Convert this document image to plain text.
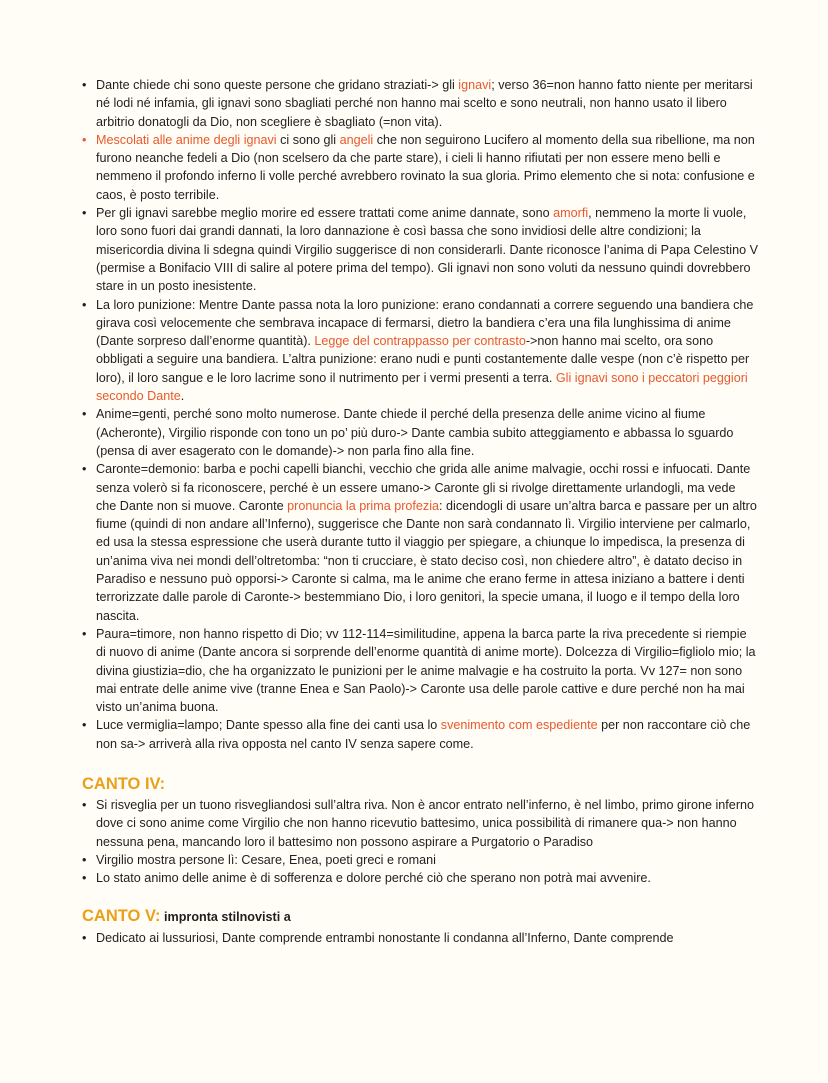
• Dante chiede chi sono queste persone che gridano straziati-> gli ignavi; verso 36=non hanno fatto niente per meritarsi né lodi né infamia, gli ignavi sono sbagliati perché non hanno mai scelto e sono neutrali, non hanno usato il libero arbitrio donatogli da Dio, non scegliere è sbagliato (=non vita).
• Mescolati alle anime degli ignavi ci sono gli angeli che non seguirono Lucifero al momento della sua ribellione, ma non furono neanche fedeli a Dio (non scelsero da che parte stare), i cieli li hanno rifiutati per non essere meno belli e nemmeno il profondo inferno li volle perché avrebbero rovinato la sua gloria. Primo elemento che si nota: confusione e caos, è posto terribile.
• Per gli ignavi sarebbe meglio morire ed essere trattati come anime dannate, sono amorfi, nemmeno la morte li vuole, loro sono fuori dai grandi dannati, la loro dannazione è così bassa che sono invidiosi delle altre condizioni; la misericordia divina li sdegna quindi Virgilio suggerisce di non considerarli. Dante riconosce l’anima di Papa Celestino V (permise a Bonifacio VIII di salire al potere prima del tempo). Gli ignavi non sono voluti da nessuno quindi dovrebbero stare in un posto inesistente.
• La loro punizione: Mentre Dante passa nota la loro punizione: erano condannati a correre seguendo una bandiera che girava così velocemente che sembrava incapace di fermarsi, dietro la bandiera c’era una fila lunghissima di anime (Dante sorpreso dall’enorme quantità). Legge del contrappasso per contrasto->non hanno mai scelto, ora sono obbligati a seguire una bandiera. L’altra punizione: erano nudi e punti costantemente dalle vespe (non c’è rispetto per loro), il loro sangue e le loro lacrime sono il nutrimento per i vermi presenti a terra. Gli ignavi sono i peccatori peggiori secondo Dante.
• Anime=genti, perché sono molto numerose. Dante chiede il perché della presenza delle anime vicino al fiume (Acheronte), Virgilio risponde con tono un po’ più duro-> Dante cambia subito atteggiamento e abbassa lo sguardo (pensa di aver esagerato con le domande)-> non parla fino alla fine.
• Caronte=demonio: barba e pochi capelli bianchi, vecchio che grida alle anime malvagie, occhi rossi e infuocati. Dante senza volerò si fa riconoscere, perché è un essere umano-> Caronte gli si rivolge direttamente urlandogli, ma vede che Dante non si muove. Caronte pronuncia la prima profezia: dicendogli di usare un’altra barca e passare per un altro fiume (quindi di non andare all’Inferno), suggerisce che Dante non sarà condannato lì. Virgilio interviene per calmarlo, ed usa la stessa espressione che userà durante tutto il viaggio per spiegare, a chiunque lo impedisca, la presenza di un’anima viva nei mondi dell’oltretomba: “non ti crucciare, è stato deciso così, non chiedere altro”, è datato deciso in Paradiso e nessuno può opporsi-> Caronte si calma, ma le anime che erano ferme in attesa iniziano a battere i denti terrorizzate dalle parole di Caronte-> bestemmiano Dio, i loro genitori, la specie umana, il luogo e il tempo della loro nascita.
• Paura=timore, non hanno rispetto di Dio; vv 112-114=similitudine, appena la barca parte la riva precedente si riempie di nuovo di anime (Dante ancora si sorprende dell’enorme quantità di anime morte). Dolcezza di Virgilio=figliolo mio; la divina giustizia=dio, che ha organizzato le punizioni per le anime malvagie e ha costruito la porta. Vv 127= non sono mai entrate delle anime vive (tranne Enea e San Paolo)-> Caronte usa delle parole cattive e dure perché non ha mai visto un’anima buona.
• Luce vermiglia=lampo; Dante spesso alla fine dei canti usa lo svenimento com espediente per non raccontare ciò che non sa-> arriverà alla riva opposta nel canto IV senza sapere come.
CANTO IV:
• Si risveglia per un tuono risvegliandosi sull’altra riva. Non è ancor entrato nell’inferno, è nel limbo, primo girone inferno dove ci sono anime come Virgilio che non hanno ricevutio battesimo, unica possibilità di rimanere qua-> non hanno nessuna pena, mancando loro il battesimo non possono aspirare a Purgatorio o Paradiso
• Virgilio mostra persone lì: Cesare, Enea, poeti greci e romani
• Lo stato animo delle anime è di sofferenza e dolore perché ciò che sperano non potrà mai avvenire.
CANTO V: impronta stilnovisti a
• Dedicato ai lussuriosi, Dante comprende entrambi nonostante li condanna all’Inferno, Dante comprende
